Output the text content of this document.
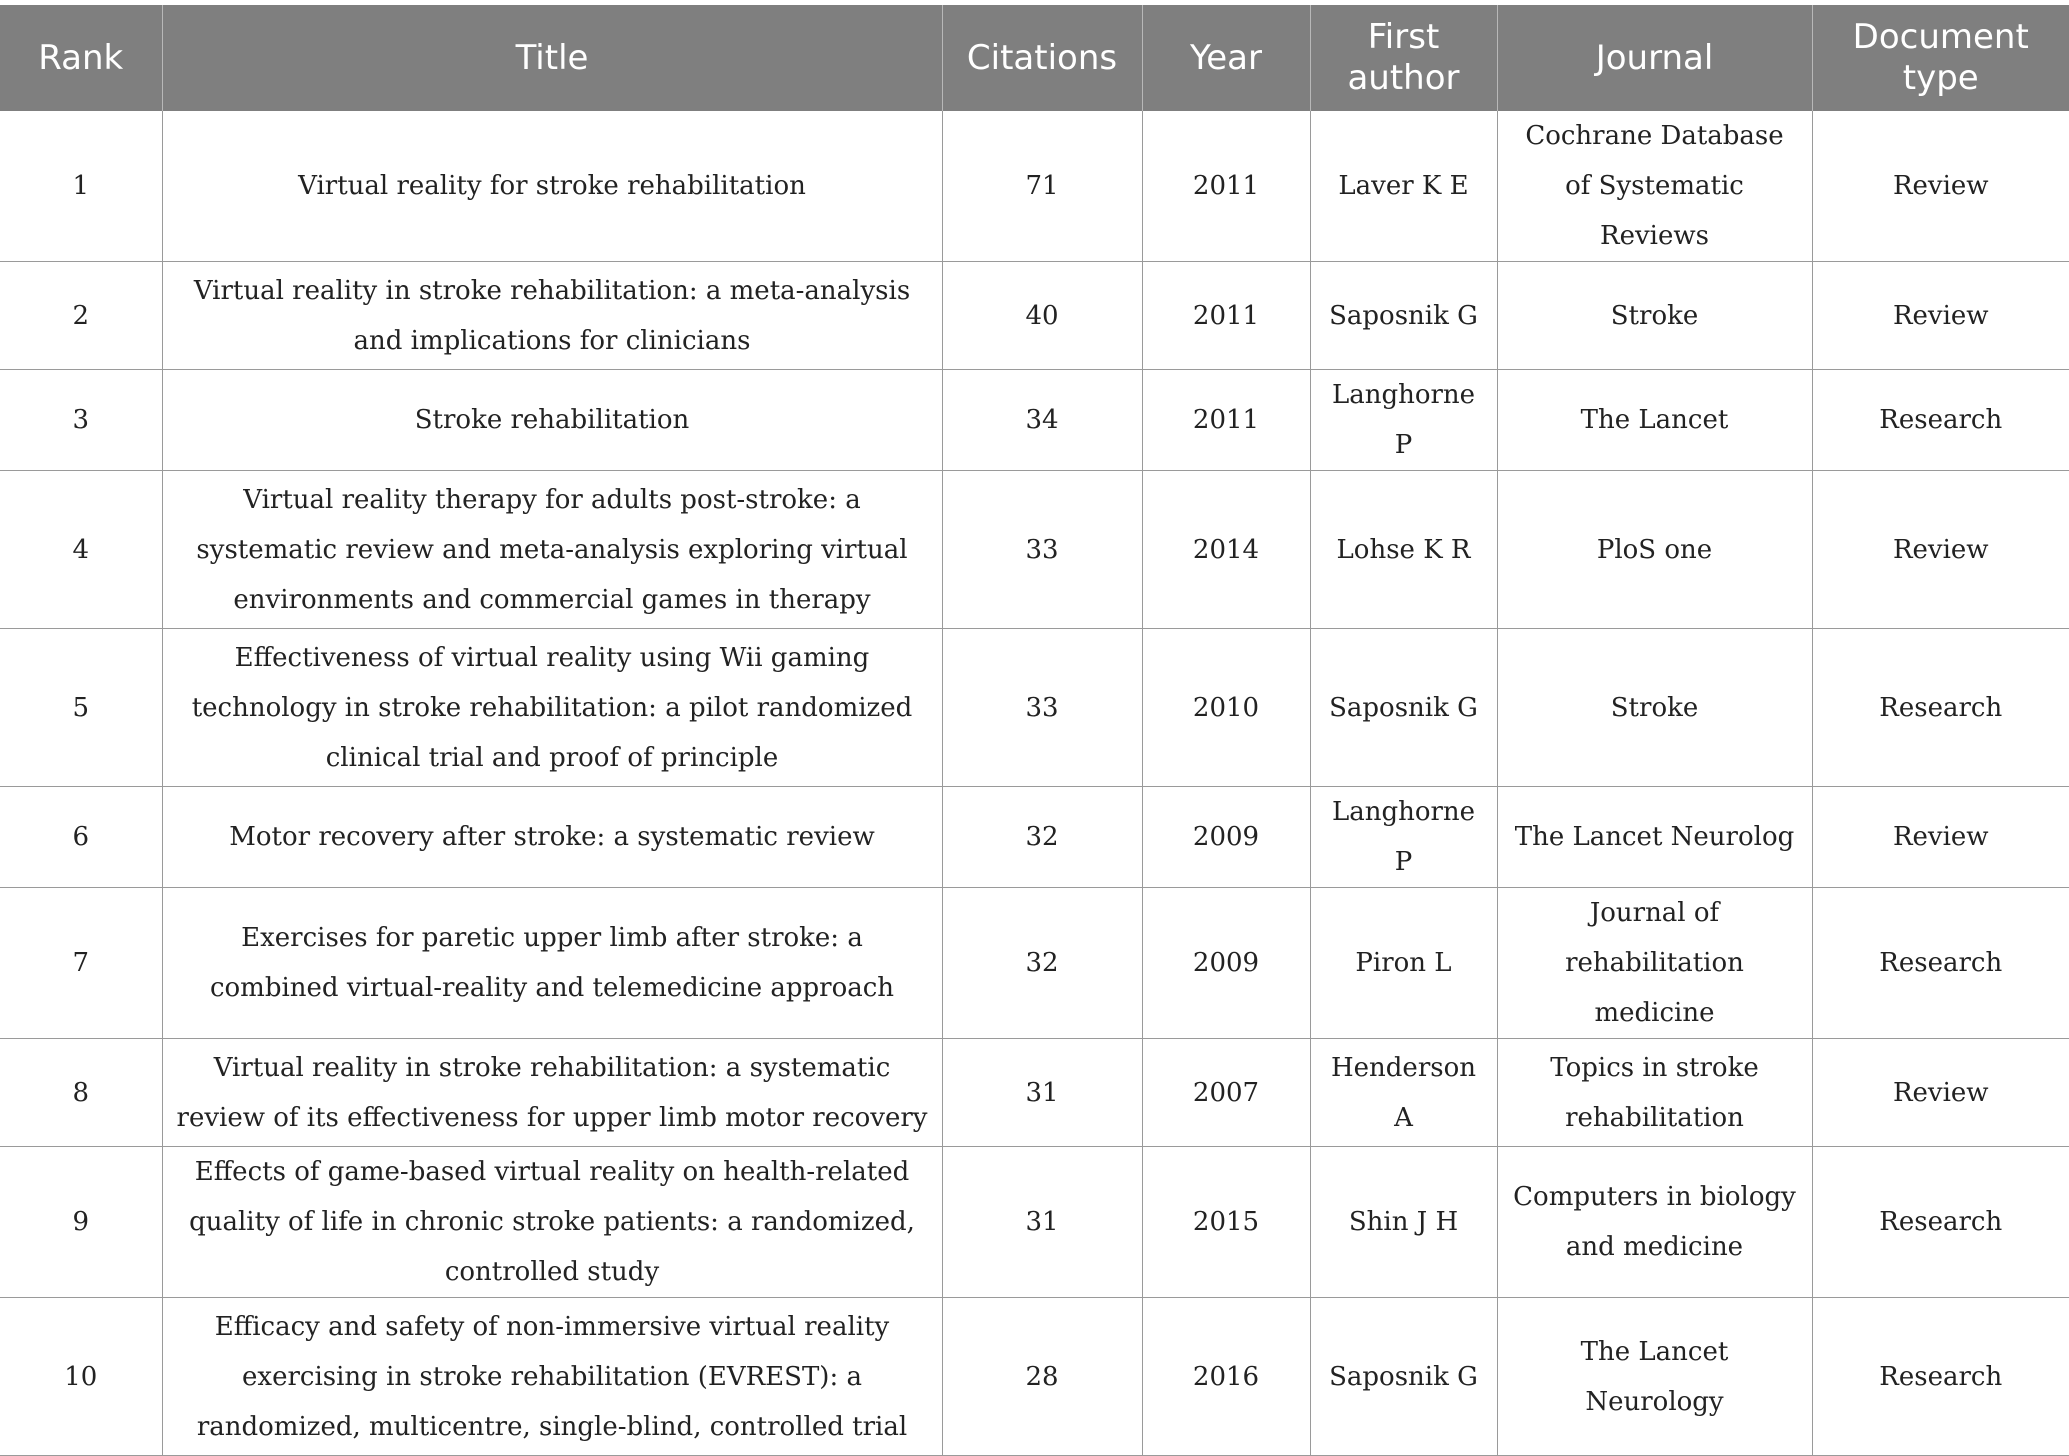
Rank	Title	Citations	Year	First author	Journal	Document type
1	Virtual reality for stroke rehabilitation	71	2011	Laver K E	Cochrane Database of Systematic Reviews	Review
2	Virtual reality in stroke rehabilitation: a meta-analysis and implications for clinicians	40	2011	Saposnik G	Stroke	Review
3	Stroke rehabilitation	34	2011	Langhorne P	The Lancet	Research
4	Virtual reality therapy for adults post-stroke: a systematic review and meta-analysis exploring virtual environments and commercial games in therapy	33	2014	Lohse K R	PloS one	Review
5	Effectiveness of virtual reality using Wii gaming technology in stroke rehabilitation: a pilot randomized clinical trial and proof of principle	33	2010	Saposnik G	Stroke	Research
6	Motor recovery after stroke: a systematic review	32	2009	Langhorne P	The Lancet Neurolog	Review
7	Exercises for paretic upper limb after stroke: a combined virtual-reality and telemedicine approach	32	2009	Piron L	Journal of rehabilitation medicine	Research
8	Virtual reality in stroke rehabilitation: a systematic review of its effectiveness for upper limb motor recovery	31	2007	Henderson A	Topics in stroke rehabilitation	Review
9	Effects of game-based virtual reality on health-related quality of life in chronic stroke patients: a randomized, controlled study	31	2015	Shin J H	Computers in biology and medicine	Research
10	Efficacy and safety of non-immersive virtual reality exercising in stroke rehabilitation (EVREST): a randomized, multicentre, single-blind, controlled trial	28	2016	Saposnik G	The Lancet Neurology	Research
